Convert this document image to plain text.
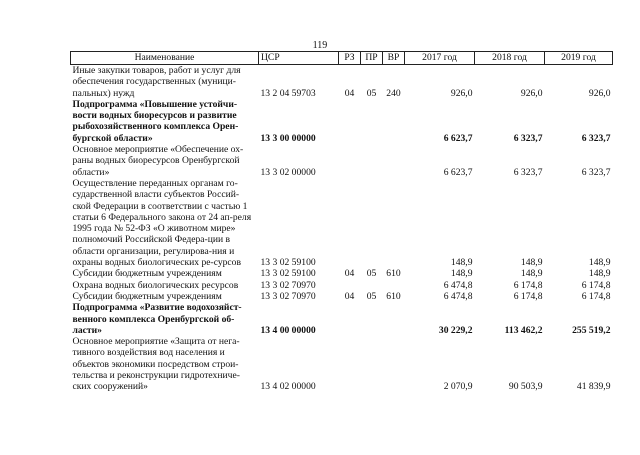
119
Наименование	ЦСР	РЗ	ПР	ВР	2017 год	2018 год	2019 год
Иные закупки товаров, работ и услуг для обеспечения государственных (муници-пальных) нужд	13 2 04 59703	04	05	240	926,0	926,0	926,0
Подпрограмма «Повышение устойчи-вости водных биоресурсов и развитие рыбохозяйственного комплекса Орен-бургской области»	13 3 00 00000				6 623,7	6 323,7	6 323,7
Основное мероприятие «Обеспечение ох-раны водных биоресурсов Оренбургской области»	13 3 02 00000				6 623,7	6 323,7	6 323,7
Осуществление переданных органам го-сударственной власти субъектов Россий-ской Федерации в соответствии с частью 1 статьи 6 Федерального закона от 24 ап-реля 1995 года № 52-ФЗ «О животном мире» полномочий Российской Федера-ции в области организации, регулирова-ния и охраны водных биологических ре-сурсов	13 3 02 59100				148,9	148,9	148,9
Субсидии бюджетным учреждениям	13 3 02 59100	04	05	610	148,9	148,9	148,9
Охрана водных биологических ресурсов	13 3 02 70970				6 474,8	6 174,8	6 174,8
Субсидии бюджетным учреждениям	13 3 02 70970	04	05	610	6 474,8	6 174,8	6 174,8
Подпрограмма «Развитие водохозяйст-венного комплекса Оренбургской об-ласти»	13 4 00 00000				30 229,2	113 462,2	255 519,2
Основное мероприятие «Защита от нега-тивного воздействия вод населения и объектов экономики посредством строи-тельства и реконструкции гидротехниче-ских сооружений»	13 4 02 00000				2 070,9	90 503,9	41 839,9
